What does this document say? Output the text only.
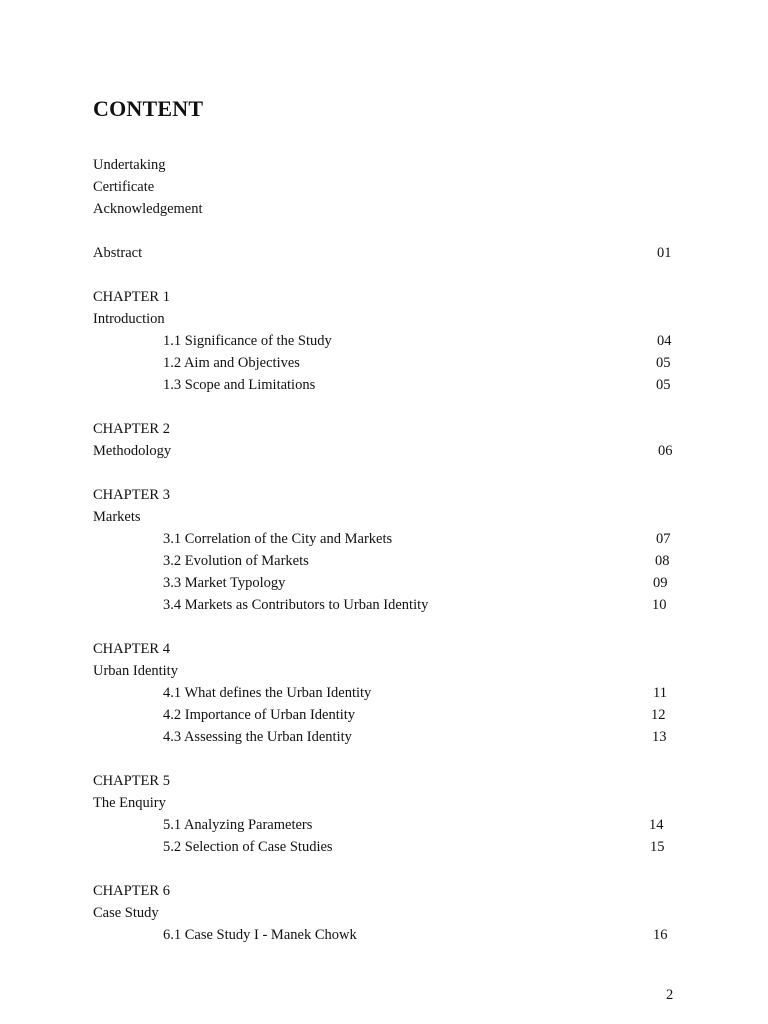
CONTENT
Undertaking
Certificate
Acknowledgement
Abstract	01
CHAPTER 1
Introduction
1.1 Significance of the Study	04
1.2 Aim and Objectives	05
1.3 Scope and Limitations	05
CHAPTER 2
Methodology	06
CHAPTER 3
Markets
3.1 Correlation of the City and Markets	07
3.2 Evolution of Markets	08
3.3 Market Typology	09
3.4 Markets as Contributors to Urban Identity	10
CHAPTER 4
Urban Identity
4.1 What defines the Urban Identity	11
4.2 Importance of Urban Identity	12
4.3 Assessing the Urban Identity	13
CHAPTER 5
The Enquiry
5.1 Analyzing Parameters	14
5.2 Selection of Case Studies	15
CHAPTER 6
Case Study
6.1 Case Study I - Manek Chowk	16
2
